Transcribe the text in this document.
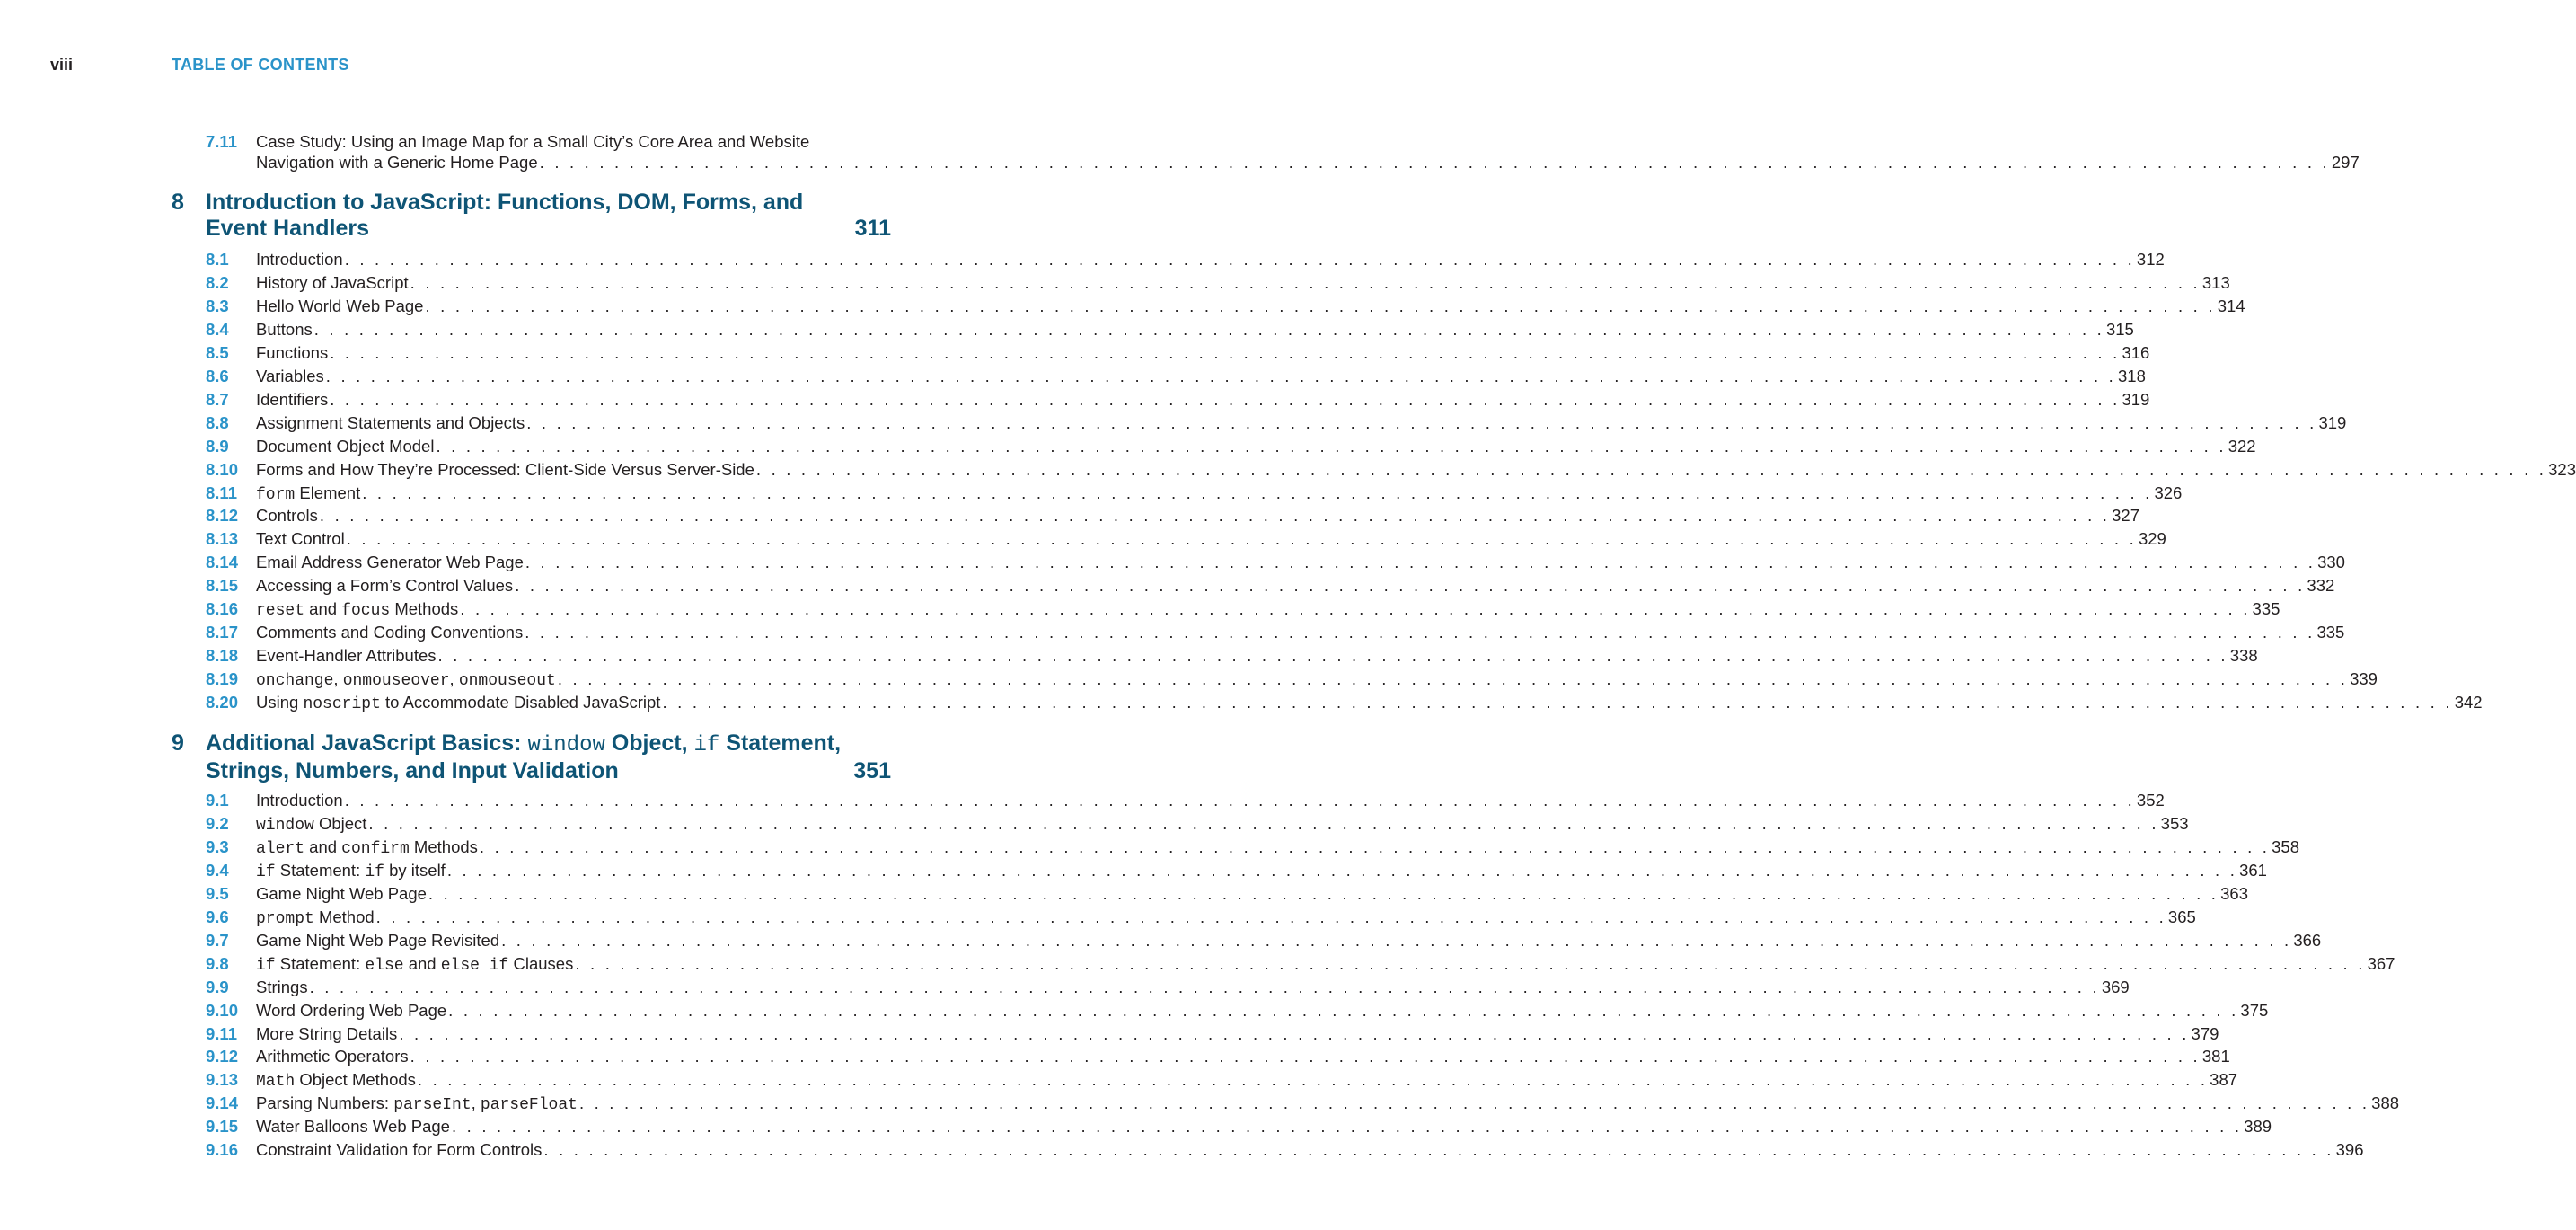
viii	TABLE OF CONTENTS
7.11 Case Study: Using an Image Map for a Small City’s Core Area and Website
Navigation with a Generic Home Page . . . . . . . . . . . . . . . . . . . . . . . . . . . . . . . . . . . . . . . . . . . . . . . . . . . . . . . . . . . . . . . . . . . . . . . . . . . . . . . . . . . . . . . . . . . . . . . . . . . . . . . . . . . . . . . . . . . . . . . . 297
8 Introduction to JavaScript: Functions, DOM, Forms, and
Event Handlers	311
8.1 Introduction . . . . . . . . . . . . . . . . . . . . . . . . . . . . . . . . . . . . . . . . . . . . . . . . . . . . . . . . . . . . . . . . . . . . . . . . . . . . . . . . . . . . . . . . . . . . . . . . . . . . . . . . . . . . . . . . . . . . . . . . 312
8.2 History of JavaScript . . . . . . . . . . . . . . . . . . . . . . . . . . . . . . . . . . . . . . . . . . . . . . . . . . . . . . . . . . . . . . . . . . . . . . . . . . . . . . . . . . . . . . . . . . . . . . . . . . . . . . . . . . . . . . . . . . . . . . . . 313
8.3 Hello World Web Page . . . . . . . . . . . . . . . . . . . . . . . . . . . . . . . . . . . . . . . . . . . . . . . . . . . . . . . . . . . . . . . . . . . . . . . . . . . . . . . . . . . . . . . . . . . . . . . . . . . . . . . . . . . . . . . . . . . . . . . . 314
8.4 Buttons . . . . . . . . . . . . . . . . . . . . . . . . . . . . . . . . . . . . . . . . . . . . . . . . . . . . . . . . . . . . . . . . . . . . . . . . . . . . . . . . . . . . . . . . . . . . . . . . . . . . . . . . . . . . . . . . . . . . . . . . 315
8.5 Functions . . . . . . . . . . . . . . . . . . . . . . . . . . . . . . . . . . . . . . . . . . . . . . . . . . . . . . . . . . . . . . . . . . . . . . . . . . . . . . . . . . . . . . . . . . . . . . . . . . . . . . . . . . . . . . . . . . . . . . . . 316
8.6 Variables . . . . . . . . . . . . . . . . . . . . . . . . . . . . . . . . . . . . . . . . . . . . . . . . . . . . . . . . . . . . . . . . . . . . . . . . . . . . . . . . . . . . . . . . . . . . . . . . . . . . . . . . . . . . . . . . . . . . . . . . 318
8.7 Identifiers . . . . . . . . . . . . . . . . . . . . . . . . . . . . . . . . . . . . . . . . . . . . . . . . . . . . . . . . . . . . . . . . . . . . . . . . . . . . . . . . . . . . . . . . . . . . . . . . . . . . . . . . . . . . . . . . . . . . . . . . 319
8.8 Assignment Statements and Objects . . . . . . . . . . . . . . . . . . . . . . . . . . . . . . . . . . . . . . . . . . . . . . . . . . . . . . . . . . . . . . . . . . . . . . . . . . . . . . . . . . . . . . . . . . . . . . . . . . . . . . . . . . . . . . . . . . . . . . . . 319
8.9 Document Object Model . . . . . . . . . . . . . . . . . . . . . . . . . . . . . . . . . . . . . . . . . . . . . . . . . . . . . . . . . . . . . . . . . . . . . . . . . . . . . . . . . . . . . . . . . . . . . . . . . . . . . . . . . . . . . . . . . . . . . . . . 322
8.10 Forms and How They’re Processed: Client-Side Versus Server-Side . . . . . . . . . . . . . . . . . . . . . . . . . . . . . . . . . . . . . . . . . . . . . . . . . . . . . . . . . . . . . . . . . . . . . . . . . . . . . . . . . . . . . . . . . . . . . . . . . . . . . . . . . . . . . . . . . . . . . . . . 323
8.11 form Element . . . . . . . . . . . . . . . . . . . . . . . . . . . . . . . . . . . . . . . . . . . . . . . . . . . . . . . . . . . . . . . . . . . . . . . . . . . . . . . . . . . . . . . . . . . . . . . . . . . . . . . . . . . . . . . . . . . . . . . . 326
8.12 Controls . . . . . . . . . . . . . . . . . . . . . . . . . . . . . . . . . . . . . . . . . . . . . . . . . . . . . . . . . . . . . . . . . . . . . . . . . . . . . . . . . . . . . . . . . . . . . . . . . . . . . . . . . . . . . . . . . . . . . . . . 327
8.13 Text Control . . . . . . . . . . . . . . . . . . . . . . . . . . . . . . . . . . . . . . . . . . . . . . . . . . . . . . . . . . . . . . . . . . . . . . . . . . . . . . . . . . . . . . . . . . . . . . . . . . . . . . . . . . . . . . . . . . . . . . . . 329
8.14 Email Address Generator Web Page . . . . . . . . . . . . . . . . . . . . . . . . . . . . . . . . . . . . . . . . . . . . . . . . . . . . . . . . . . . . . . . . . . . . . . . . . . . . . . . . . . . . . . . . . . . . . . . . . . . . . . . . . . . . . . . . . . . . . . . . 330
8.15 Accessing a Form’s Control Values . . . . . . . . . . . . . . . . . . . . . . . . . . . . . . . . . . . . . . . . . . . . . . . . . . . . . . . . . . . . . . . . . . . . . . . . . . . . . . . . . . . . . . . . . . . . . . . . . . . . . . . . . . . . . . . . . . . . . . . . 332
8.16 reset and focus Methods . . . . . . . . . . . . . . . . . . . . . . . . . . . . . . . . . . . . . . . . . . . . . . . . . . . . . . . . . . . . . . . . . . . . . . . . . . . . . . . . . . . . . . . . . . . . . . . . . . . . . . . . . . . . . . . . . . . . . . . . 335
8.17 Comments and Coding Conventions . . . . . . . . . . . . . . . . . . . . . . . . . . . . . . . . . . . . . . . . . . . . . . . . . . . . . . . . . . . . . . . . . . . . . . . . . . . . . . . . . . . . . . . . . . . . . . . . . . . . . . . . . . . . . . . . . . . . . . . . 335
8.18 Event-Handler Attributes . . . . . . . . . . . . . . . . . . . . . . . . . . . . . . . . . . . . . . . . . . . . . . . . . . . . . . . . . . . . . . . . . . . . . . . . . . . . . . . . . . . . . . . . . . . . . . . . . . . . . . . . . . . . . . . . . . . . . . . . 338
8.19 onchange, onmouseover, onmouseout . . . . . . . . . . . . . . . . . . . . . . . . . . . . . . . . . . . . . . . . . . . . . . . . . . . . . . . . . . . . . . . . . . . . . . . . . . . . . . . . . . . . . . . . . . . . . . . . . . . . . . . . . . . . . . . . . . . . . . . . 339
8.20 Using noscript to Accommodate Disabled JavaScript . . . . . . . . . . . . . . . . . . . . . . . . . . . . . . . . . . . . . . . . . . . . . . . . . . . . . . . . . . . . . . . . . . . . . . . . . . . . . . . . . . . . . . . . . . . . . . . . . . . . . . . . . . . . . . . . . . . . . . . . 342
9 Additional JavaScript Basics: window Object, if Statement,
Strings, Numbers, and Input Validation	351
9.1 Introduction . . . . . . . . . . . . . . . . . . . . . . . . . . . . . . . . . . . . . . . . . . . . . . . . . . . . . . . . . . . . . . . . . . . . . . . . . . . . . . . . . . . . . . . . . . . . . . . . . . . . . . . . . . . . . . . . . . . . . . . . 352
9.2 window Object . . . . . . . . . . . . . . . . . . . . . . . . . . . . . . . . . . . . . . . . . . . . . . . . . . . . . . . . . . . . . . . . . . . . . . . . . . . . . . . . . . . . . . . . . . . . . . . . . . . . . . . . . . . . . . . . . . . . . . . . 353
9.3 alert and confirm Methods . . . . . . . . . . . . . . . . . . . . . . . . . . . . . . . . . . . . . . . . . . . . . . . . . . . . . . . . . . . . . . . . . . . . . . . . . . . . . . . . . . . . . . . . . . . . . . . . . . . . . . . . . . . . . . . . . . . . . . . . 358
9.4 if Statement: if by itself . . . . . . . . . . . . . . . . . . . . . . . . . . . . . . . . . . . . . . . . . . . . . . . . . . . . . . . . . . . . . . . . . . . . . . . . . . . . . . . . . . . . . . . . . . . . . . . . . . . . . . . . . . . . . . . . . . . . . . . . 361
9.5 Game Night Web Page . . . . . . . . . . . . . . . . . . . . . . . . . . . . . . . . . . . . . . . . . . . . . . . . . . . . . . . . . . . . . . . . . . . . . . . . . . . . . . . . . . . . . . . . . . . . . . . . . . . . . . . . . . . . . . . . . . . . . . . . 363
9.6 prompt Method . . . . . . . . . . . . . . . . . . . . . . . . . . . . . . . . . . . . . . . . . . . . . . . . . . . . . . . . . . . . . . . . . . . . . . . . . . . . . . . . . . . . . . . . . . . . . . . . . . . . . . . . . . . . . . . . . . . . . . . . 365
9.7 Game Night Web Page Revisited . . . . . . . . . . . . . . . . . . . . . . . . . . . . . . . . . . . . . . . . . . . . . . . . . . . . . . . . . . . . . . . . . . . . . . . . . . . . . . . . . . . . . . . . . . . . . . . . . . . . . . . . . . . . . . . . . . . . . . . . 366
9.8 if Statement: else and else if Clauses . . . . . . . . . . . . . . . . . . . . . . . . . . . . . . . . . . . . . . . . . . . . . . . . . . . . . . . . . . . . . . . . . . . . . . . . . . . . . . . . . . . . . . . . . . . . . . . . . . . . . . . . . . . . . . . . . . . . . . . . 367
9.9 Strings . . . . . . . . . . . . . . . . . . . . . . . . . . . . . . . . . . . . . . . . . . . . . . . . . . . . . . . . . . . . . . . . . . . . . . . . . . . . . . . . . . . . . . . . . . . . . . . . . . . . . . . . . . . . . . . . . . . . . . . . 369
9.10 Word Ordering Web Page . . . . . . . . . . . . . . . . . . . . . . . . . . . . . . . . . . . . . . . . . . . . . . . . . . . . . . . . . . . . . . . . . . . . . . . . . . . . . . . . . . . . . . . . . . . . . . . . . . . . . . . . . . . . . . . . . . . . . . . . 375
9.11 More String Details . . . . . . . . . . . . . . . . . . . . . . . . . . . . . . . . . . . . . . . . . . . . . . . . . . . . . . . . . . . . . . . . . . . . . . . . . . . . . . . . . . . . . . . . . . . . . . . . . . . . . . . . . . . . . . . . . . . . . . . . 379
9.12 Arithmetic Operators . . . . . . . . . . . . . . . . . . . . . . . . . . . . . . . . . . . . . . . . . . . . . . . . . . . . . . . . . . . . . . . . . . . . . . . . . . . . . . . . . . . . . . . . . . . . . . . . . . . . . . . . . . . . . . . . . . . . . . . . 381
9.13 Math Object Methods . . . . . . . . . . . . . . . . . . . . . . . . . . . . . . . . . . . . . . . . . . . . . . . . . . . . . . . . . . . . . . . . . . . . . . . . . . . . . . . . . . . . . . . . . . . . . . . . . . . . . . . . . . . . . . . . . . . . . . . . 387
9.14 Parsing Numbers: parseInt, parseFloat . . . . . . . . . . . . . . . . . . . . . . . . . . . . . . . . . . . . . . . . . . . . . . . . . . . . . . . . . . . . . . . . . . . . . . . . . . . . . . . . . . . . . . . . . . . . . . . . . . . . . . . . . . . . . . . . . . . . . . . . 388
9.15 Water Balloons Web Page . . . . . . . . . . . . . . . . . . . . . . . . . . . . . . . . . . . . . . . . . . . . . . . . . . . . . . . . . . . . . . . . . . . . . . . . . . . . . . . . . . . . . . . . . . . . . . . . . . . . . . . . . . . . . . . . . . . . . . . . 389
9.16 Constraint Validation for Form Controls . . . . . . . . . . . . . . . . . . . . . . . . . . . . . . . . . . . . . . . . . . . . . . . . . . . . . . . . . . . . . . . . . . . . . . . . . . . . . . . . . . . . . . . . . . . . . . . . . . . . . . . . . . . . . . . . . . . . . . . . 396
